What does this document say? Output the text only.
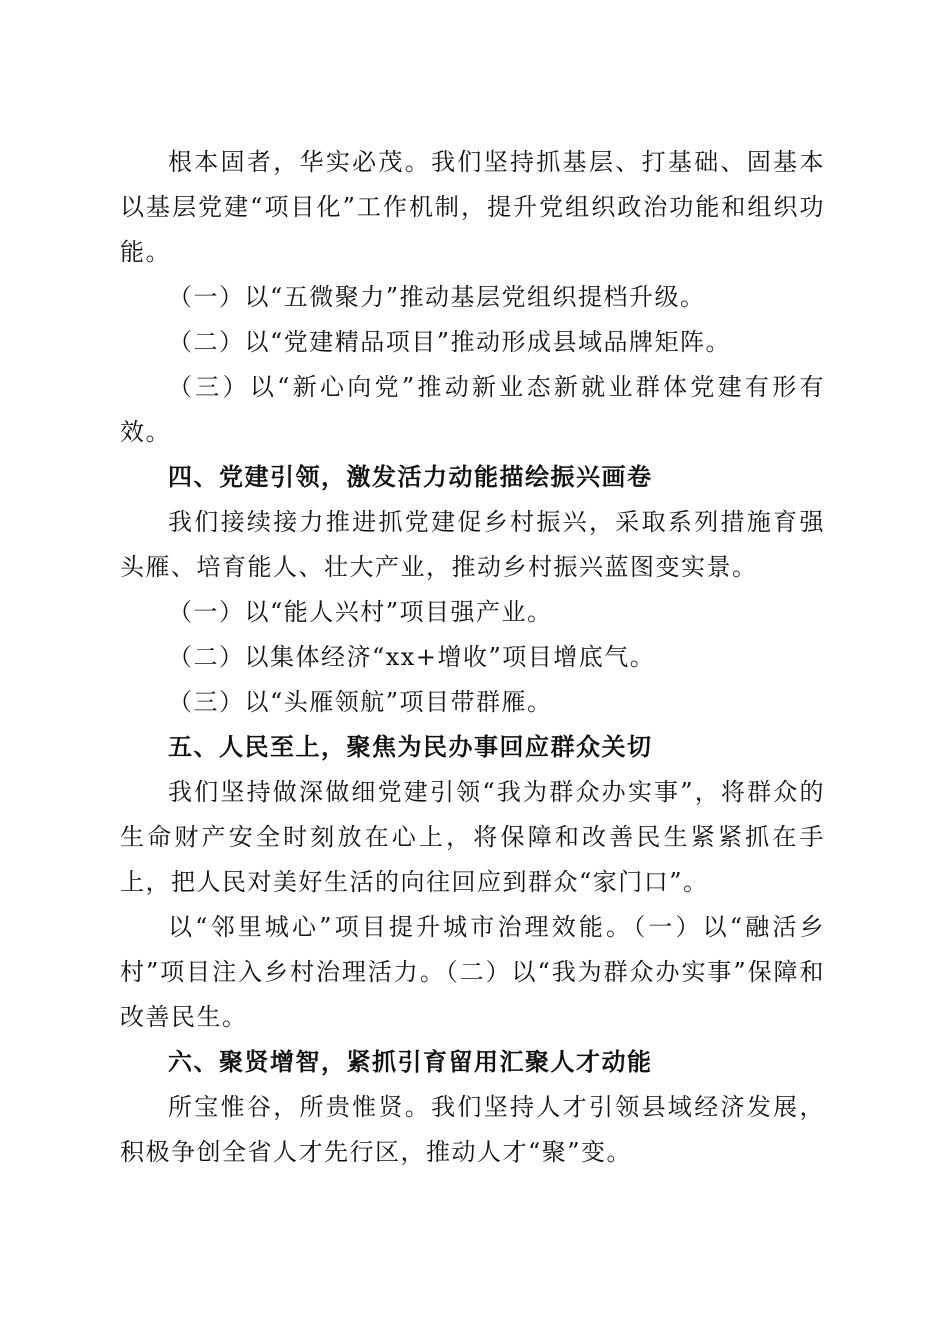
根本固者，华实必茂。我们坚持抓基层、打基础、固基本以基层党建“项目化”工作机制，提升党组织政治功能和组织功能。

（一）以“五微聚力”推动基层党组织提档升级。

（二）以“党建精品项目”推动形成县域品牌矩阵。

（三）以“新心向党”推动新业态新就业群体党建有形有效。

四、党建引领，激发活力动能描绘振兴画卷

我们接续接力推进抓党建促乡村振兴，采取系列措施育强头雁、培育能人、壮大产业，推动乡村振兴蓝图变实景。

（一）以“能人兴村”项目强产业。

（二）以集体经济“xx+增收”项目增底气。

（三）以“头雁领航”项目带群雁。

五、人民至上，聚焦为民办事回应群众关切

我们坚持做深做细党建引领“我为群众办实事”，将群众的生命财产安全时刻放在心上，将保障和改善民生紧紧抓在手上，把人民对美好生活的向往回应到群众“家门口”。

以“邻里城心”项目提升城市治理效能。（一）以“融活乡村”项目注入乡村治理活力。（二）以“我为群众办实事”保障和改善民生。

六、聚贤增智，紧抓引育留用汇聚人才动能

所宝惟谷，所贵惟贤。我们坚持人才引领县域经济发展，积极争创全省人才先行区，推动人才“聚”变。
